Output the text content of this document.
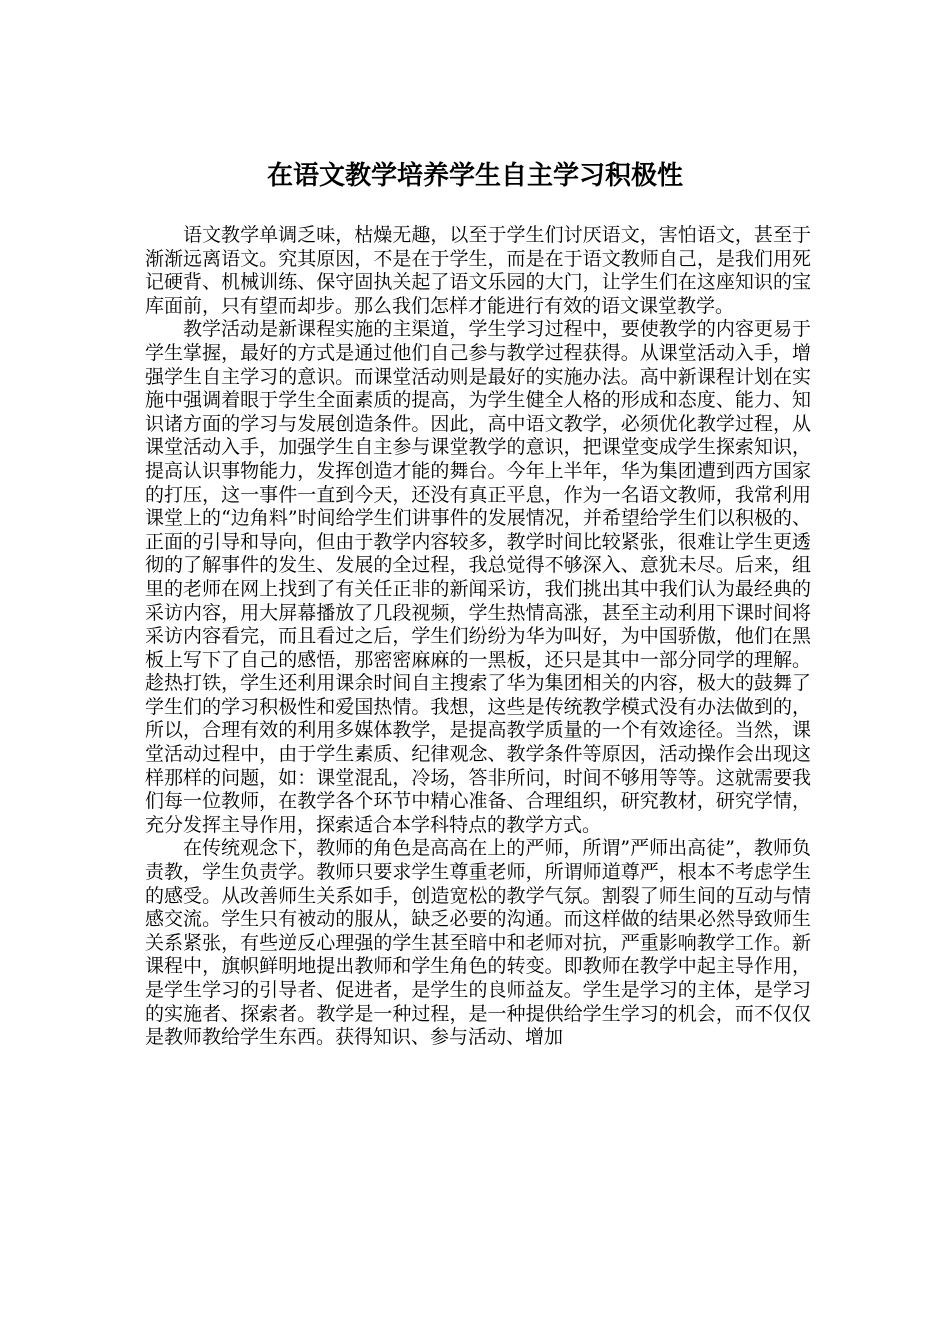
在语文教学培养学生自主学习积极性

语文教学单调乏味，枯燥无趣，以至于学生们讨厌语文，害怕语文，甚至于渐渐远离语文。究其原因，不是在于学生，而是在于语文教师自己，是我们用死记硬背、机械训练、保守固执关起了语文乐园的大门，让学生们在这座知识的宝库面前，只有望而却步。那么我们怎样才能进行有效的语文课堂教学。

教学活动是新课程实施的主渠道，学生学习过程中，要使教学的内容更易于学生掌握，最好的方式是通过他们自己参与教学过程获得。从课堂活动入手，增强学生自主学习的意识。而课堂活动则是最好的实施办法。高中新课程计划在实施中强调着眼于学生全面素质的提高，为学生健全人格的形成和态度、能力、知识诸方面的学习与发展创造条件。因此，高中语文教学，必须优化教学过程，从课堂活动入手，加强学生自主参与课堂教学的意识，把课堂变成学生探索知识，提高认识事物能力，发挥创造才能的舞台。今年上半年，华为集团遭到西方国家的打压，这一事件一直到今天，还没有真正平息，作为一名语文教师，我常利用课堂上的“边角料”时间给学生们讲事件的发展情况，并希望给学生们以积极的、正面的引导和导向，但由于教学内容较多，教学时间比较紧张，很难让学生更透彻的了解事件的发生、发展的全过程，我总觉得不够深入、意犹未尽。后来，组里的老师在网上找到了有关任正非的新闻采访，我们挑出其中我们认为最经典的采访内容，用大屏幕播放了几段视频，学生热情高涨，甚至主动利用下课时间将采访内容看完，而且看过之后，学生们纷纷为华为叫好，为中国骄傲，他们在黑板上写下了自己的感悟，那密密麻麻的一黑板，还只是其中一部分同学的理解。趁热打铁，学生还利用课余时间自主搜索了华为集团相关的内容，极大的鼓舞了学生们的学习积极性和爱国热情。我想，这些是传统教学模式没有办法做到的，所以，合理有效的利用多媒体教学，是提高教学质量的一个有效途径。当然，课堂活动过程中，由于学生素质、纪律观念、教学条件等原因，活动操作会出现这样那样的问题，如：课堂混乱，冷场，答非所问，时间不够用等等。这就需要我们每一位教师，在教学各个环节中精心准备、合理组织，研究教材，研究学情，充分发挥主导作用，探索适合本学科特点的教学方式。

在传统观念下，教师的角色是高高在上的严师，所谓”严师出高徒”，教师负责教，学生负责学。教师只要求学生尊重老师，所谓师道尊严，根本不考虑学生的感受。从改善师生关系如手，创造宽松的教学气氛。割裂了师生间的互动与情感交流。学生只有被动的服从，缺乏必要的沟通。而这样做的结果必然导致师生关系紧张，有些逆反心理强的学生甚至暗中和老师对抗，严重影响教学工作。新课程中，旗帜鲜明地提出教师和学生角色的转变。即教师在教学中起主导作用，是学生学习的引导者、促进者，是学生的良师益友。学生是学习的主体，是学习的实施者、探索者。教学是一种过程，是一种提供给学生学习的机会，而不仅仅是教师教给学生东西。获得知识、参与活动、增加
